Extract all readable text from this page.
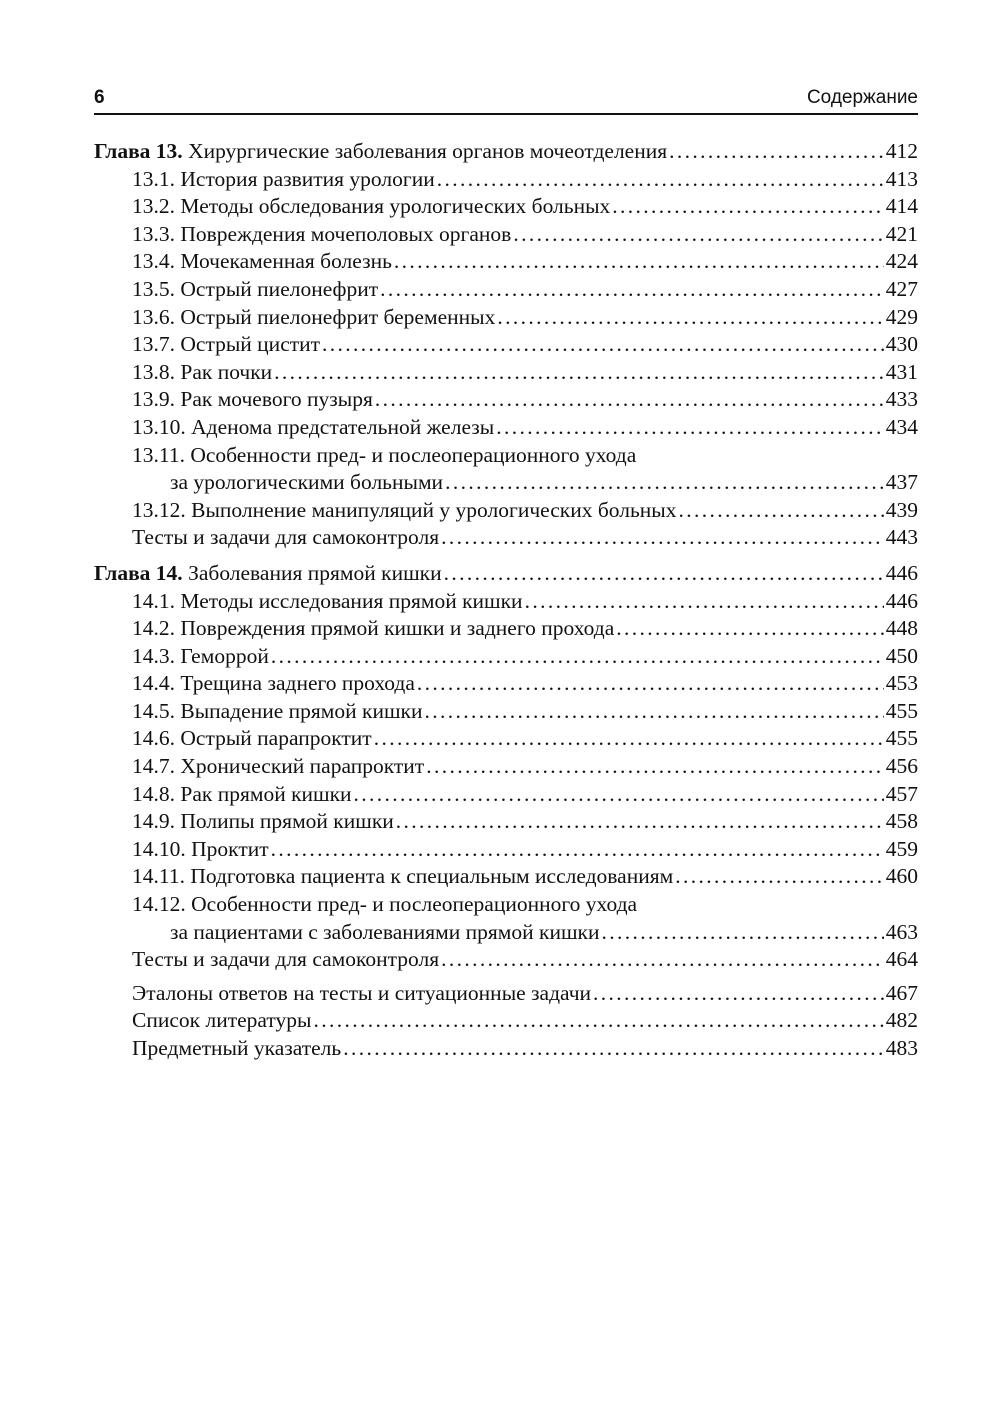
6	Содержание
Глава 13. Хирургические заболевания органов мочеотделения . . .	412
13.1. История развития урологии . . .	413
13.2. Методы обследования урологических больных . . .	414
13.3. Повреждения мочеполовых органов . . .	421
13.4. Мочекаменная болезнь . . .	424
13.5. Острый пиелонефрит . . .	427
13.6. Острый пиелонефрит беременных . . .	429
13.7. Острый цистит . . .	430
13.8. Рак почки . . .	431
13.9. Рак мочевого пузыря . . .	433
13.10. Аденома предстательной железы . . .	434
13.11. Особенности пред- и послеоперационного ухода
за урологическими больными . . .	437
13.12. Выполнение манипуляций у урологических больных . . .	439
Тесты и задачи для самоконтроля . . .	443
Глава 14. Заболевания прямой кишки . . .	446
14.1. Методы исследования прямой кишки . . .	446
14.2. Повреждения прямой кишки и заднего прохода . . .	448
14.3. Геморрой . . .	450
14.4. Трещина заднего прохода . . .	453
14.5. Выпадение прямой кишки . . .	455
14.6. Острый парапроктит . . .	455
14.7. Хронический парапроктит . . .	456
14.8. Рак прямой кишки . . .	457
14.9. Полипы прямой кишки . . .	458
14.10. Проктит . . .	459
14.11. Подготовка пациента к специальным исследованиям . . .	460
14.12. Особенности пред- и послеоперационного ухода
за пациентами с заболеваниями прямой кишки . . .	463
Тесты и задачи для самоконтроля . . .	464
Эталоны ответов на тесты и ситуационные задачи . . .	467
Список литературы . . .	482
Предметный указатель . . .	483
